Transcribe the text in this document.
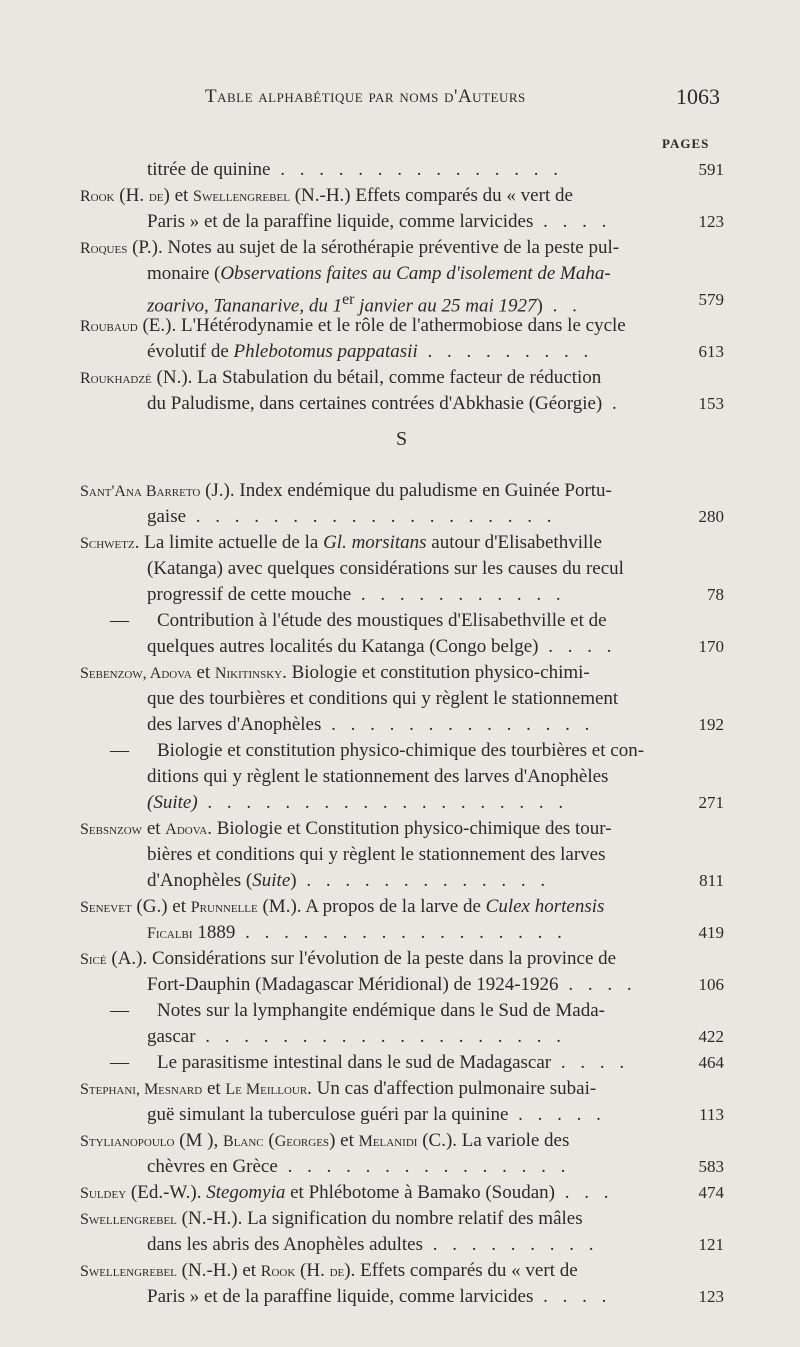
Table alphabétique par noms d'Auteurs	1063
PAGES
S
titrée de quinine . . . . . . . . . . . . . . .	591
Rook (H. de) et Swellengrebel (N.-H.) Effets comparés du « vert de
Paris » et de la paraffine liquide, comme larvicides . . . .	123
Roques (P.). Notes au sujet de la sérothérapie préventive de la peste pul-
monaire (Observations faites au Camp d'isolement de Maha-
zoarivo, Tananarive, du 1er janvier au 25 mai 1927) . .	579
Roubaud (E.). L'Hétérodynamie et le rôle de l'athermobiose dans le cycle
évolutif de Phlebotomus pappatasii . . . . . . . . .	613
Roukhadzé (N.). La Stabulation du bétail, comme facteur de réduction
du Paludisme, dans certaines contrées d'Abkhasie (Géorgie) .	153
Sant'Ana Barreto (J.). Index endémique du paludisme en Guinée Portu-
gaise . . . . . . . . . . . . . . . . . . .	280
Schwetz. La limite actuelle de la Gl. morsitans autour d'Elisabethville
(Katanga) avec quelques considérations sur les causes du recul
progressif de cette mouche . . . . . . . . . . .	78
— Contribution à l'étude des moustiques d'Elisabethville et de
quelques autres localités du Katanga (Congo belge) . . . .	170
Sebenzow, Adova et Nikitinsky. Biologie et constitution physico-chimi-
que des tourbières et conditions qui y règlent le stationnement
des larves d'Anophèles . . . . . . . . . . . . . .	192
— Biologie et constitution physico-chimique des tourbières et con-
ditions qui y règlent le stationnement des larves d'Anophèles
(Suite) . . . . . . . . . . . . . . . . . . .	271
Sebsnzow et Adova. Biologie et Constitution physico-chimique des tour-
bières et conditions qui y règlent le stationnement des larves
d'Anophèles (Suite) . . . . . . . . . . . . .	811
Senevet (G.) et Prunnelle (M.). A propos de la larve de Culex hortensis
Ficalbi 1889 . . . . . . . . . . . . . . . . .	419
Sicé (A.). Considérations sur l'évolution de la peste dans la province de
Fort-Dauphin (Madagascar Méridional) de 1924-1926 . . . .	106
— Notes sur la lymphangite endémique dans le Sud de Mada-
gascar . . . . . . . . . . . . . . . . . . .	422
— Le parasitisme intestinal dans le sud de Madagascar . . . .	464
Stephani, Mesnard et Le Meillour. Un cas d'affection pulmonaire subai-
guë simulant la tuberculose guéri par la quinine . . . . .	113
Stylianopoulo (M ), Blanc (Georges) et Melanidi (C.). La variole des
chèvres en Grèce . . . . . . . . . . . . . . .	583
Suldey (Ed.-W.). Stegomyia et Phlébotome à Bamako (Soudan) . . .	474
Swellengrebel (N.-H.). La signification du nombre relatif des mâles
dans les abris des Anophèles adultes . . . . . . . . .	121
Swellengrebel (N.-H.) et Rook (H. de). Effets comparés du « vert de
Paris » et de la paraffine liquide, comme larvicides . . . .	123
